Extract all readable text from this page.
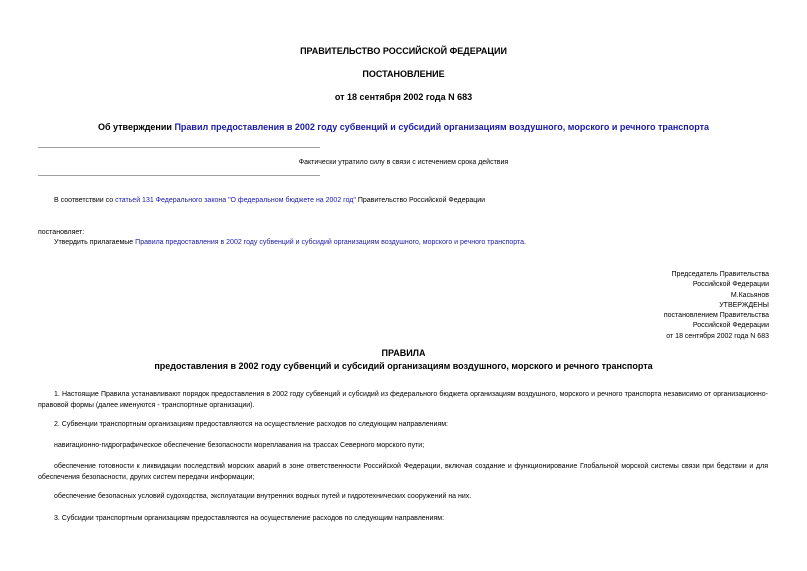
ПРАВИТЕЛЬСТВО РОССИЙСКОЙ ФЕДЕРАЦИИ
ПОСТАНОВЛЕНИЕ
от 18 сентября 2002 года N 683
Об утверждении Правил предоставления в 2002 году субвенций и субсидий организациям воздушного, морского и речного транспорта
Фактически утратило силу в связи с истечением срока действия
В соответствии со статьей 131 Федерального закона "О федеральном бюджете на 2002 год" Правительство Российской Федерации
постановляет:
Утвердить прилагаемые Правила предоставления в 2002 году субвенций и субсидий организациям воздушного, морского и речного транспорта.
Председатель Правительства
Российской Федерации
М.Касьянов
УТВЕРЖДЕНЫ
постановлением Правительства
Российской Федерации
от 18 сентября 2002 года N 683
ПРАВИЛА
предоставления в 2002 году субвенций и субсидий организациям воздушного, морского и речного транспорта

1. Настоящие Правила устанавливают порядок предоставления в 2002 году субвенций и субсидий из федерального бюджета организациям воздушного, морского и речного транспорта независимо от организационно-правовой формы (далее именуются - транспортные организации).

2. Субвенции транспортным организациям предоставляются на осуществление расходов по следующим направлениям:

навигационно-гидрографическое обеспечение безопасности мореплавания на трассах Северного морского пути;

обеспечение готовности к ликвидации последствий морских аварий в зоне ответственности Российской Федерации, включая создание и функционирование Глобальной морской системы связи при бедствии и для обеспечения безопасности, других систем передачи информации;

обеспечение безопасных условий судоходства, эксплуатации внутренних водных путей и гидротехнических сооружений на них.

3. Субсидии транспортным организациям предоставляются на осуществление расходов по следующим направлениям:
